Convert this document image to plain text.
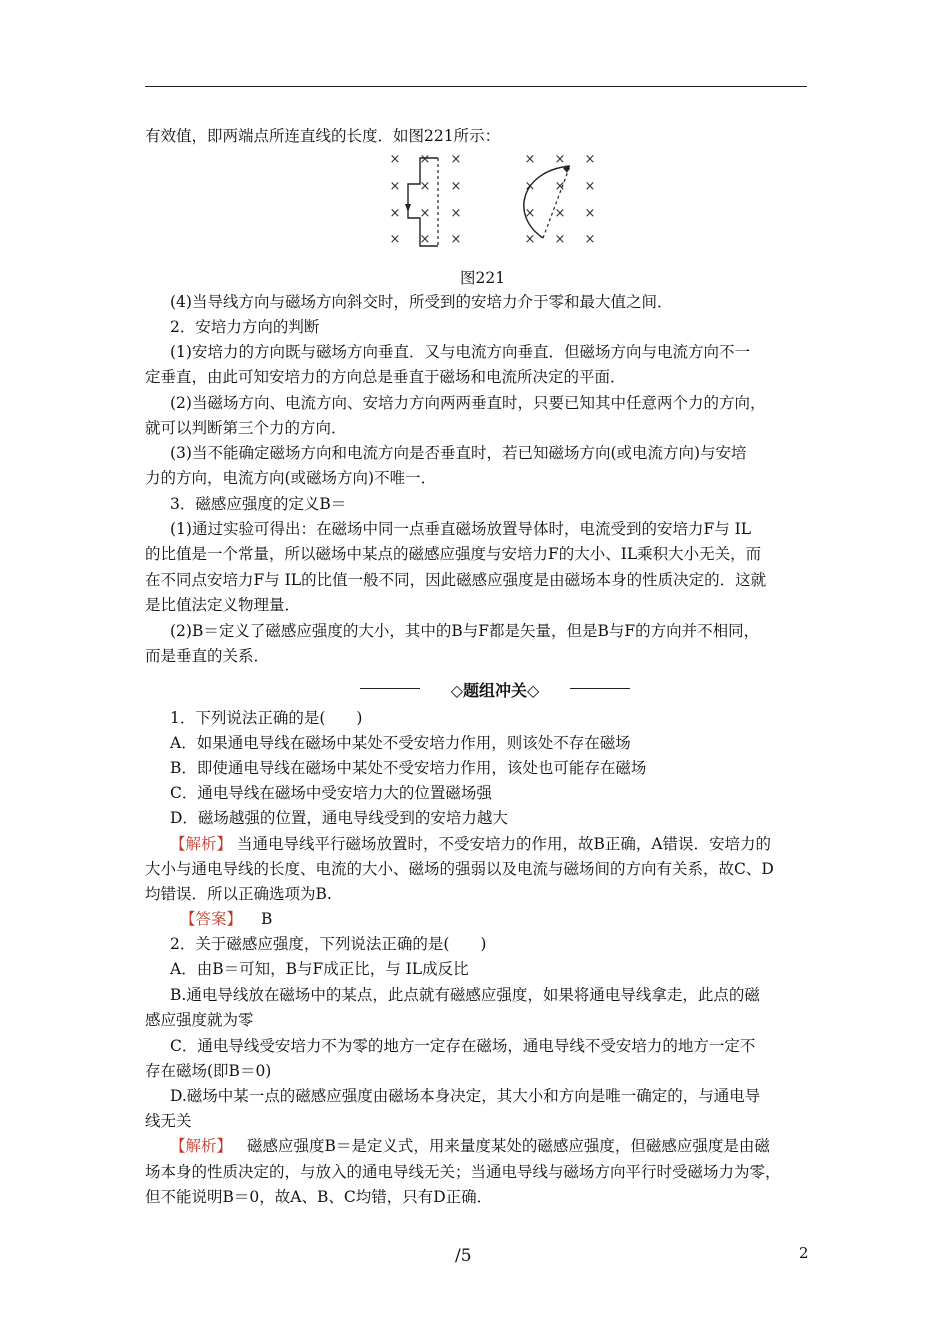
有效值，即两端点所连直线的长度．如图221所示：
× × ×
× × ×
× × ×
× × ×
× × ×
× × ×
× × ×
× × ×
图221
(4)当导线方向与磁场方向斜交时，所受到的安培力介于零和最大值之间．
2．安培力方向的判断
(1)安培力的方向既与磁场方向垂直．又与电流方向垂直．但磁场方向与电流方向不一
定垂直，由此可知安培力的方向总是垂直于磁场和电流所决定的平面．
(2)当磁场方向、电流方向、安培力方向两两垂直时，只要已知其中任意两个力的方向，
就可以判断第三个力的方向．
(3)当不能确定磁场方向和电流方向是否垂直时，若已知磁场方向(或电流方向)与安培
力的方向，电流方向(或磁场方向)不唯一．
3．磁感应强度的定义B＝
(1)通过实验可得出：在磁场中同一点垂直磁场放置导体时，电流受到的安培力F与 IL
的比值是一个常量，所以磁场中某点的磁感应强度与安培力F的大小、IL乘积大小无关，而
在不同点安培力F与 IL的比值一般不同，因此磁感应强度是由磁场本身的性质决定的．这就
是比值法定义物理量．
(2)B＝定义了磁感应强度的大小，其中的B与F都是矢量，但是B与F的方向并不相同，
而是垂直的关系．
◇题组冲关◇
1．下列说法正确的是(　　)
A．如果通电导线在磁场中某处不受安培力作用，则该处不存在磁场
B．即使通电导线在磁场中某处不受安培力作用，该处也可能存在磁场
C．通电导线在磁场中受安培力大的位置磁场强
D．磁场越强的位置，通电导线受到的安培力越大
【解析】 当通电导线平行磁场放置时，不受安培力的作用，故B正确，A错误．安培力的
大小与通电导线的长度、电流的大小、磁场的强弱以及电流与磁场间的方向有关系，故C、D
均错误．所以正确选项为B.
【答案】 B
2．关于磁感应强度，下列说法正确的是(　　)
A．由B＝可知，B与F成正比，与 IL成反比
B.通电导线放在磁场中的某点，此点就有磁感应强度，如果将通电导线拿走，此点的磁
感应强度就为零
C．通电导线受安培力不为零的地方一定存在磁场，通电导线不受安培力的地方一定不
存在磁场(即B＝0)
D.磁场中某一点的磁感应强度由磁场本身决定，其大小和方向是唯一确定的，与通电导
线无关
【解析】 磁感应强度B＝是定义式，用来量度某处的磁感应强度，但磁感应强度是由磁
场本身的性质决定的，与放入的通电导线无关；当通电导线与磁场方向平行时受磁场力为零，
但不能说明B＝0，故A、B、C均错，只有D正确．
/5	2
